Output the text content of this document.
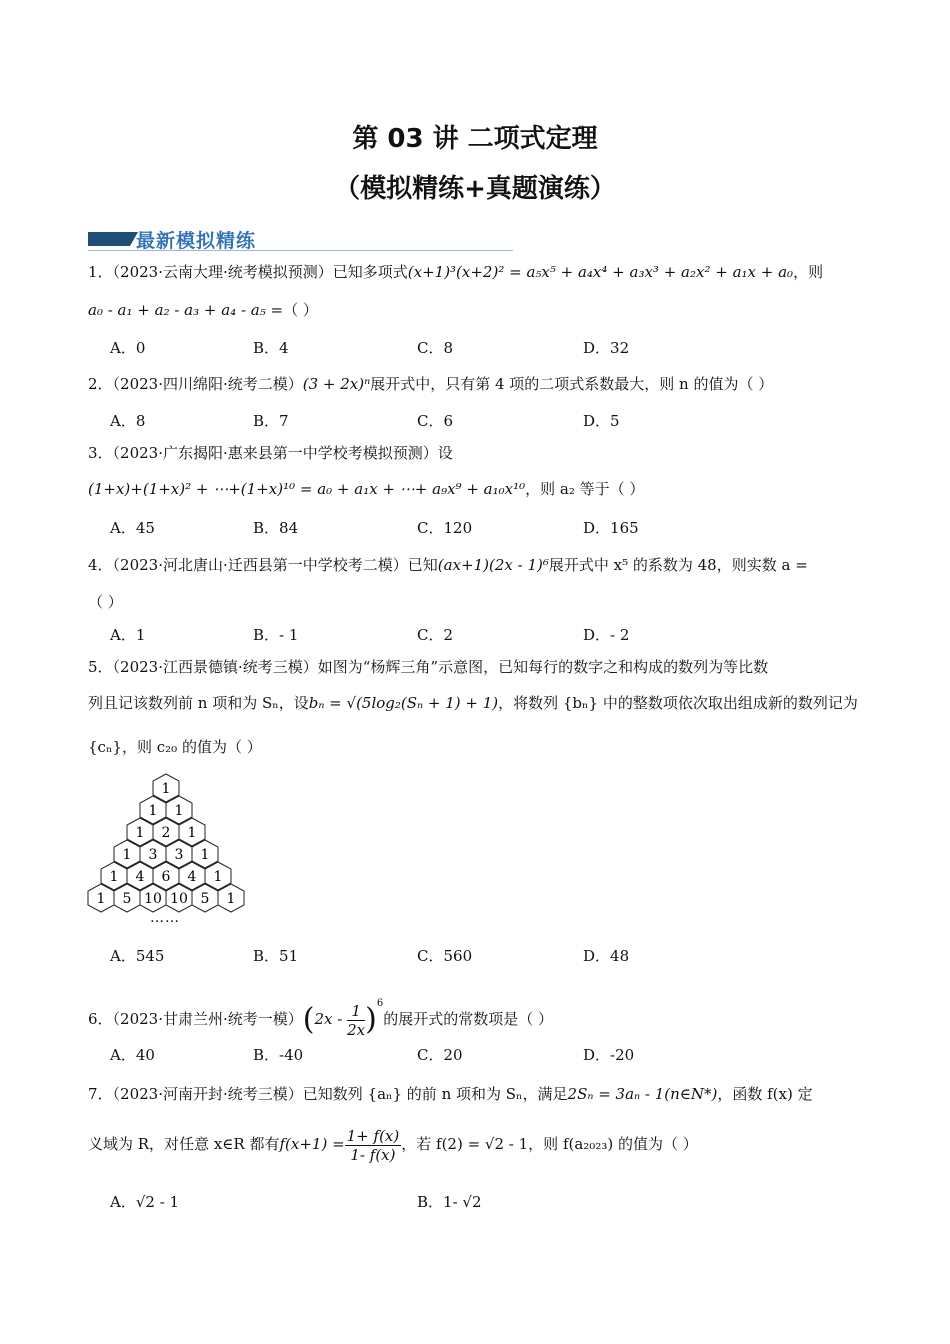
第 03 讲 二项式定理
（模拟精练+真题演练）
最新模拟精练
1．（2023·云南大理·统考模拟预测）已知多项式(x+1)³(x+2)² = a₅x⁵ + a₄x⁴ + a₃x³ + a₂x² + a₁x + a₀，则
a₀ - a₁ + a₂ - a₃ + a₄ - a₅ =（ ）
A．0	B．4	C．8	D．32
2．（2023·四川绵阳·统考二模）(3 + 2x)ⁿ展开式中，只有第 4 项的二项式系数最大，则 n 的值为（ ）
A．8	B．7	C．6	D．5
3．（2023·广东揭阳·惠来县第一中学校考模拟预测）设
(1+x)+(1+x)² + ⋯+(1+x)¹⁰ = a₀ + a₁x + ⋯+ a₉x⁹ + a₁₀x¹⁰，则 a₂ 等于（ ）
A．45	B．84	C．120	D．165
4．（2023·河北唐山·迁西县第一中学校考二模）已知(ax+1)(2x - 1)⁶展开式中 x⁵ 的系数为 48，则实数 a =
（ ）
A．1	B．- 1	C．2	D．- 2
5．（2023·江西景德镇·统考三模）如图为“杨辉三角”示意图，已知每行的数字之和构成的数列为等比数
列且记该数列前 n 项和为 Sₙ，设bₙ = √(5log₂(Sₙ + 1) + 1)，将数列 {bₙ} 中的整数项依次取出组成新的数列记为
{cₙ}，则 c₂₀ 的值为（ ）
1
1 1
1 2 1
1 3 3 1
1 4 6 4 1
1 5 10 10 5 1
……
A．545	B．51	C．560	D．48
6．（2023·甘肃兰州·统考一模）$(2x - \frac{1}{2x} )^6$的展开式的常数项是（ ）
A．40	B．-40	C．20	D．-20
7．（2023·河南开封·统考三模）已知数列 {aₙ} 的前 n 项和为 Sₙ，满足2Sₙ = 3aₙ - 1(n∈N*)，函数 f(x) 定
义域为 R，对任意 x∈R 都有$f(x+1) = \frac{1+ f(x)}{1- f(x)}$ ，若 f(2) = √2 - 1，则 f(a₂₀₂₃) 的值为（ ）
A．√2 - 1	B．1- √2
